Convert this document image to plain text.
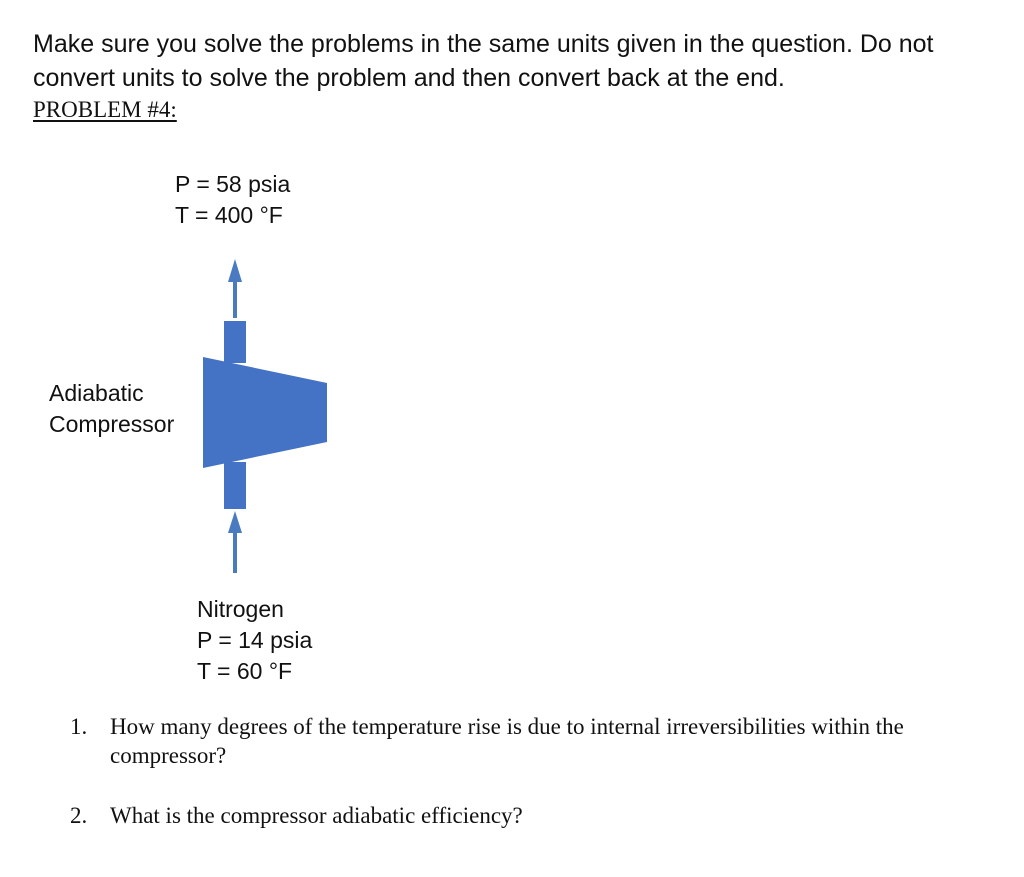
Make sure you solve the problems in the same units given in the question. Do not convert units to solve the problem and then convert back at the end.

PROBLEM #4:

P = 58 psia
T = 400 °F
Adiabatic
Compressor
Nitrogen
P = 14 psia
T = 60 °F
1. How many degrees of the temperature rise is due to internal irreversibilities within the compressor?
2. What is the compressor adiabatic efficiency?
